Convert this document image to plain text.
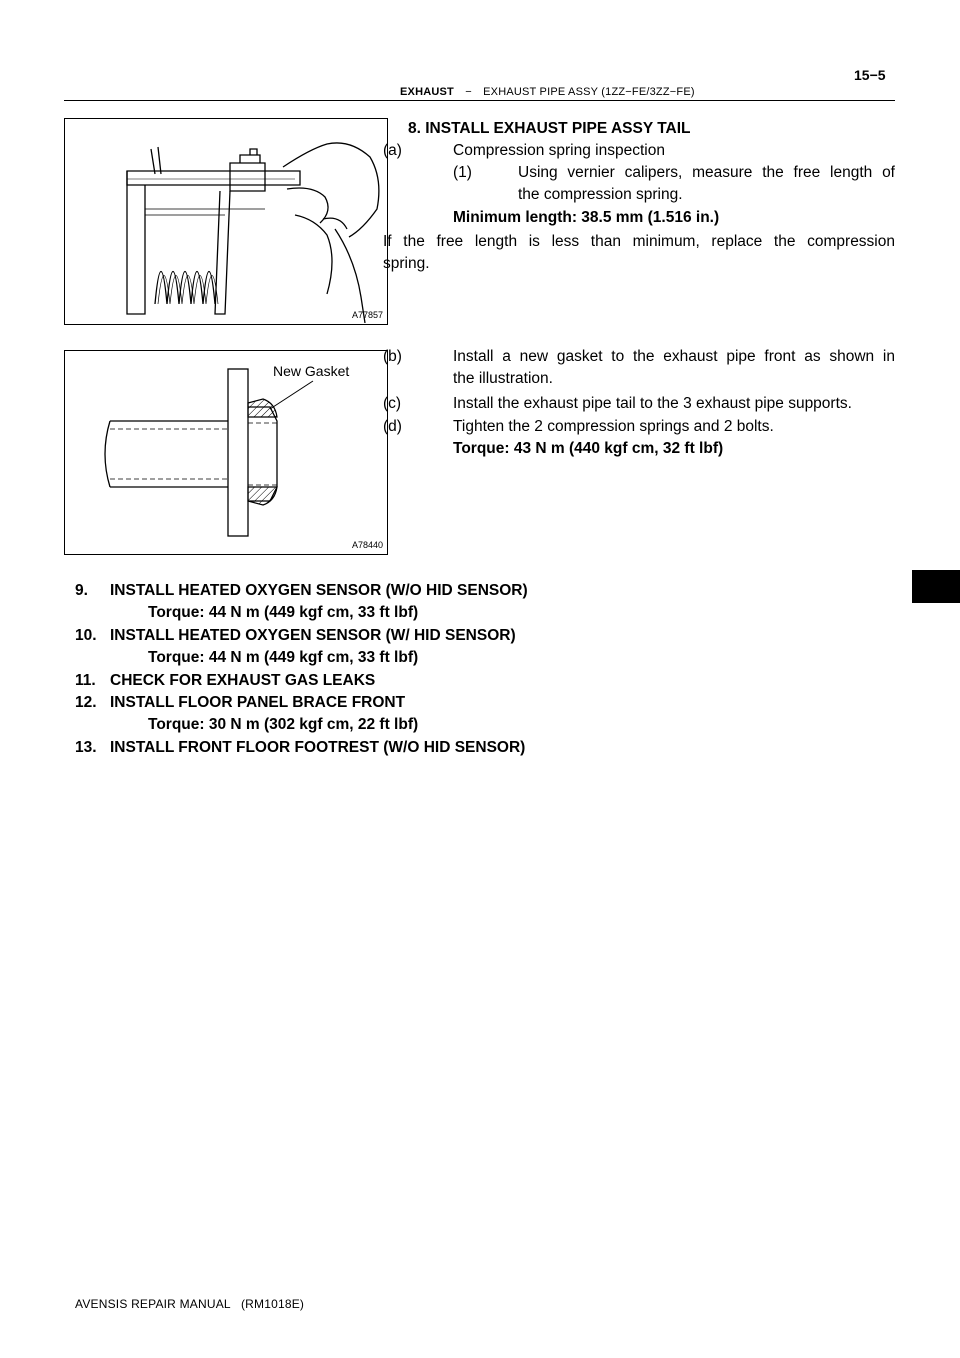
15−5
EXHAUST − EXHAUST PIPE ASSY (1ZZ−FE/3ZZ−FE)
A77857
New Gasket
A78440
8. INSTALL EXHAUST PIPE ASSY TAIL
(a)	Compression spring inspection
(1)	Using vernier calipers, measure the free length of
the compression spring.
Minimum length: 38.5 mm (1.516 in.)
If the free length is less than minimum, replace the compression
spring.
(b)	Install a new gasket to the exhaust pipe front as shown in
the illustration.
(c)	Install the exhaust pipe tail to the 3 exhaust pipe supports.
(d)	Tighten the 2 compression springs and 2 bolts.
Torque: 43 N m (440 kgf cm, 32 ft lbf)
9. INSTALL HEATED OXYGEN SENSOR (W/O HID SENSOR)
Torque: 44 N m (449 kgf cm, 33 ft lbf)
10. INSTALL HEATED OXYGEN SENSOR (W/ HID SENSOR)
Torque: 44 N m (449 kgf cm, 33 ft lbf)
11. CHECK FOR EXHAUST GAS LEAKS
12. INSTALL FLOOR PANEL BRACE FRONT
Torque: 30 N m (302 kgf cm, 22 ft lbf)
13. INSTALL FRONT FLOOR FOOTREST (W/O HID SENSOR)
AVENSIS REPAIR MANUAL   (RM1018E)
